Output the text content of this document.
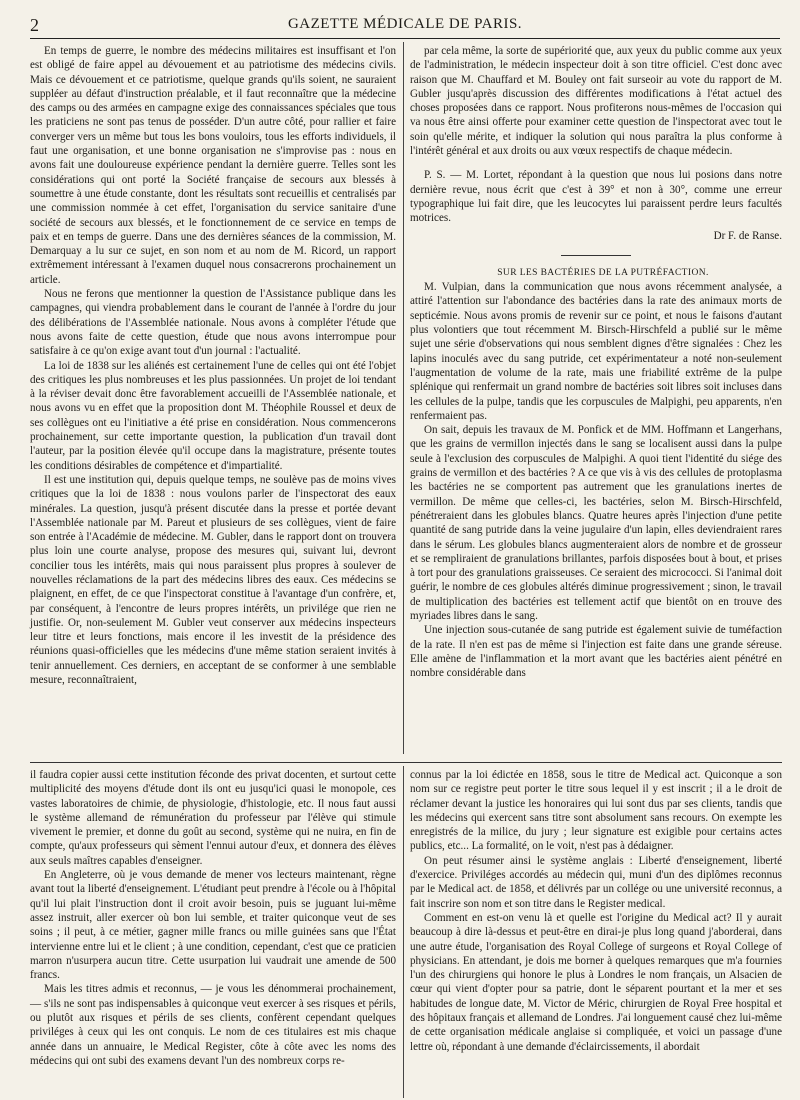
2	GAZETTE MÉDICALE DE PARIS.

En temps de guerre, le nombre des médecins militaires est insuffisant et l'on est obligé de faire appel au dévouement et au patriotisme des médecins civils. Mais ce dévouement et ce patriotisme, quelque grands qu'ils soient, ne sauraient suppléer au défaut d'instruction préalable, et il faut reconnaître que la médecine des camps ou des armées en campagne exige des connaissances spéciales que tous les praticiens ne sont pas tenus de posséder. D'un autre côté, pour rallier et faire converger vers un même but tous les bons vouloirs, tous les efforts individuels, il faut une organisation, et une bonne organisation ne s'improvise pas : nous en avons fait une douloureuse expérience pendant la dernière guerre. Telles sont les considérations qui ont porté la Société française de secours aux blessés à soumettre à une étude constante, dont les résultats sont recueillis et centralisés par une commission nommée à cet effet, l'organisation du service sanitaire d'une société de secours aux blessés, et le fonctionnement de ce service en temps de paix et en temps de guerre. Dans une des dernières séances de la commission, M. Demarquay a lu sur ce sujet, en son nom et au nom de M. Ricord, un rapport extrêmement intéressant à l'examen duquel nous consacrerons prochainement un article.

Nous ne ferons que mentionner la question de l'Assistance publique dans les campagnes, qui viendra probablement dans le courant de l'année à l'ordre du jour des délibérations de l'Assemblée nationale. Nous avons à compléter l'étude que nous avons faite de cette question, étude que nous avons interrompue pour satisfaire à ce qu'on exige avant tout d'un journal : l'actualité.

La loi de 1838 sur les aliénés est certainement l'une de celles qui ont été l'objet des critiques les plus nombreuses et les plus passionnées. Un projet de loi tendant à la réviser devait donc être favorablement accueilli de l'Assemblée nationale, et nous avons vu en effet que la proposition dont M. Théophile Roussel et deux de ses collègues ont eu l'initiative a été prise en considération. Nous commencerons prochainement, sur cette importante question, la publication d'un travail dont l'auteur, par la position élevée qu'il occupe dans la magistrature, présente toutes les conditions désirables de compétence et d'impartialité.

Il est une institution qui, depuis quelque temps, ne soulève pas de moins vives critiques que la loi de 1838 : nous voulons parler de l'inspectorat des eaux minérales. La question, jusqu'à présent discutée dans la presse et portée devant l'Assemblée nationale par M. Pareut et plusieurs de ses collègues, vient de faire son entrée à l'Académie de médecine. M. Gubler, dans le rapport dont on trouvera plus loin une courte analyse, propose des mesures qui, suivant lui, devront concilier tous les intérêts, mais qui nous paraissent plus propres à soulever de nouvelles réclamations de la part des médecins libres des eaux. Ces médecins se plaignent, en effet, de ce que l'inspectorat constitue à l'avantage d'un confrère, et, par conséquent, à l'encontre de leurs propres intérêts, un privilége que rien ne justifie. Or, non-seulement M. Gubler veut conserver aux médecins inspecteurs leur titre et leurs fonctions, mais encore il les investit de la présidence des réunions quasi-officielles que les médecins d'une même station seraient invités à tenir annuellement. Ces derniers, en acceptant de se conformer à une semblable mesure, reconnaîtraient,

par cela même, la sorte de supériorité que, aux yeux du public comme aux yeux de l'administration, le médecin inspecteur doit à son titre officiel. C'est donc avec raison que M. Chauffard et M. Bouley ont fait surseoir au vote du rapport de M. Gubler jusqu'après discussion des différentes modifications à l'état actuel des choses proposées dans ce rapport. Nous profiterons nous-mêmes de l'occasion qui va nous être ainsi offerte pour examiner cette question de l'inspectorat avec tout le soin qu'elle mérite, et indiquer la solution qui nous paraîtra la plus conforme à l'intérêt général et aux droits ou aux vœux respectifs de chaque médecin.

P. S. — M. Lortet, répondant à la question que nous lui posions dans notre dernière revue, nous écrit que c'est à 39° et non à 30°, comme une erreur typographique lui fait dire, que les leucocytes lui paraissent perdre leurs facultés motrices.

Dr F. de Ranse.

SUR LES BACTÉRIES DE LA PUTRÉFACTION.

M. Vulpian, dans la communication que nous avons récemment analysée, a attiré l'attention sur l'abondance des bactéries dans la rate des animaux morts de septicémie. Nous avons promis de revenir sur ce point, et nous le faisons d'autant plus volontiers que tout récemment M. Birsch-Hirschfeld a publié sur le même sujet une série d'observations qui nous semblent dignes d'être signalées : Chez les lapins inoculés avec du sang putride, cet expérimentateur a noté non-seulement l'augmentation de volume de la rate, mais une friabilité extrême de la pulpe splénique qui renfermait un grand nombre de bactéries soit libres soit incluses dans les cellules de la pulpe, tandis que les corpuscules de Malpighi, peu apparents, n'en renfermaient pas.

On sait, depuis les travaux de M. Ponfick et de MM. Hoffmann et Langerhans, que les grains de vermillon injectés dans le sang se localisent aussi dans la pulpe seule à l'exclusion des corpuscules de Malpighi. A quoi tient l'identité du siége des grains de vermillon et des bactéries ? A ce que vis à vis des cellules de protoplasma les bactéries ne se comportent pas autrement que les granulations inertes de vermillon. De même que celles-ci, les bactéries, selon M. Birsch-Hirschfeld, pénétreraient dans les globules blancs. Quatre heures après l'injection d'une petite quantité de sang putride dans la veine jugulaire d'un lapin, elles deviendraient rares dans le sérum. Les globules blancs augmenteraient alors de nombre et de grosseur et se rempliraient de granulations brillantes, parfois disposées bout à bout, et prises à tort pour des granulations graisseuses. Ce seraient des micrococci. Si l'animal doit guérir, le nombre de ces globules altérés diminue progressivement ; sinon, le travail de multiplication des bactéries est tellement actif que bientôt on en trouve des myriades libres dans le sang.

Une injection sous-cutanée de sang putride est également suivie de tuméfaction de la rate. Il n'en est pas de même si l'injection est faite dans une grande séreuse. Elle amène de l'inflammation et la mort avant que les bactéries aient pénétré en nombre considérable dans

il faudra copier aussi cette institution féconde des privat docenten, et surtout cette multiplicité des moyens d'étude dont ils ont eu jusqu'ici quasi le monopole, ces vastes laboratoires de chimie, de physiologie, d'histologie, etc. Il nous faut aussi le système allemand de rémunération du professeur par l'élève qui stimule vivement le premier, et donne du goût au second, système qui ne nuira, en fin de compte, qu'aux professeurs qui sèment l'ennui autour d'eux, et donnera des élèves aux seuls maîtres capables d'enseigner.

En Angleterre, où je vous demande de mener vos lecteurs maintenant, règne avant tout la liberté d'enseignement. L'étudiant peut prendre à l'école ou à l'hôpital qu'il lui plait l'instruction dont il croit avoir besoin, puis se juguant lui-même assez instruit, aller exercer où bon lui semble, et traiter quiconque veut de ses soins ; il peut, à ce métier, gagner mille francs ou mille guinées sans que l'État intervienne entre lui et le client ; à une condition, cependant, c'est que ce praticien marron n'usurpera aucun titre. Cette usurpation lui vaudrait une amende de 500 francs.

Mais les titres admis et reconnus, — je vous les dénommerai prochainement, — s'ils ne sont pas indispensables à quiconque veut exercer à ses risques et périls, ou plutôt aux risques et périls de ses clients, confèrent cependant quelques priviléges à ceux qui les ont conquis. Le nom de ces titulaires est mis chaque année dans un annuaire, le Medical Register, côte à côte avec les noms des médecins qui ont subi des examens devant l'un des nombreux corps re-

connus par la loi édictée en 1858, sous le titre de Medical act. Quiconque a son nom sur ce registre peut porter le titre sous lequel il y est inscrit ; il a le droit de réclamer devant la justice les honoraires qui lui sont dus par ses clients, tandis que les médecins qui exercent sans titre sont absolument sans recours. On exempte les enregistrés de la milice, du jury ; leur signature est exigible pour certains actes publics, etc... La formalité, on le voit, n'est pas à dédaigner.

On peut résumer ainsi le système anglais : Liberté d'enseignement, liberté d'exercice. Priviléges accordés au médecin qui, muni d'un des diplômes reconnus par le Medical act. de 1858, et délivrés par un collége ou une université reconnus, a fait inscrire son nom et son titre dans le Register medical.

Comment en est-on venu là et quelle est l'origine du Medical act? Il y aurait beaucoup à dire là-dessus et peut-être en dirai-je plus long quand j'aborderai, dans une autre étude, l'organisation des Royal College of surgeons et Royal College of physicians. En attendant, je dois me borner à quelques remarques que m'a fournies l'un des chirurgiens qui honore le plus à Londres le nom français, un Alsacien de cœur qui vient d'opter pour sa patrie, dont le séparent pourtant et la mer et ses habitudes de longue date, M. Victor de Méric, chirurgien de Royal Free hospital et des hôpitaux français et allemand de Londres. J'ai longuement causé chez lui-même de cette organisation médicale anglaise si compliquée, et voici un passage d'une lettre où, répondant à une demande d'éclaircissements, il abordait
